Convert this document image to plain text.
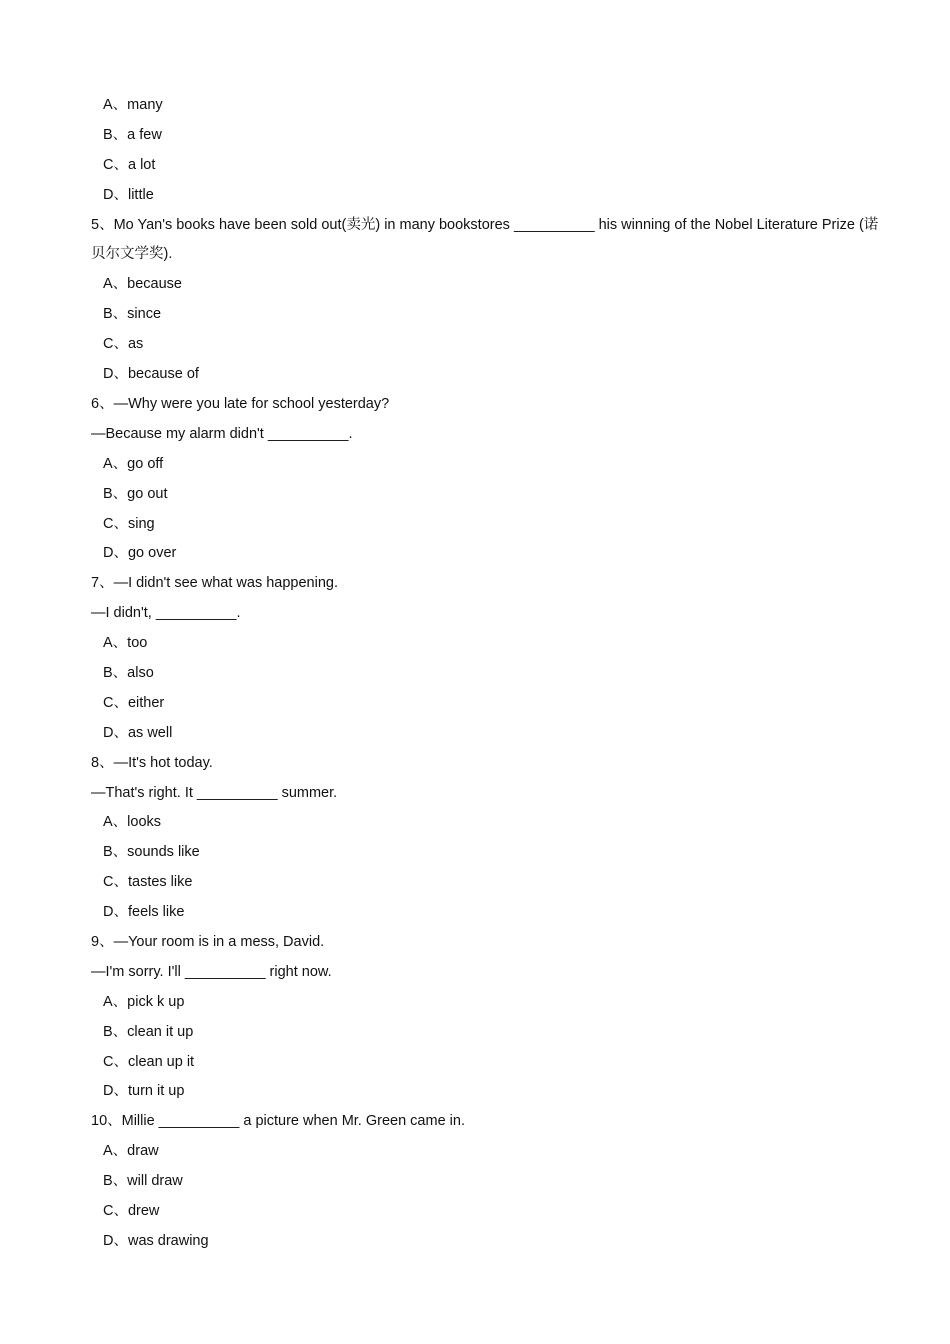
A、many
B、a few
C、a lot
D、little
5、Mo Yan's books have been sold out(卖光) in many bookstores __________ his winning of the Nobel Literature Prize (诺贝尔文学奖).
A、because
B、since
C、as
D、because of
6、—Why were you late for school yesterday?
—Because my alarm didn't __________.
A、go off
B、go out
C、sing
D、go over
7、—I didn't see what was happening.
—I didn't, __________.
A、too
B、also
C、either
D、as well
8、—It's hot today.
—That's right. It __________ summer.
A、looks
B、sounds like
C、tastes like
D、feels like
9、—Your room is in a mess, David.
—I'm sorry. I'll __________ right now.
A、pick k up
B、clean it up
C、clean up it
D、turn it up
10、Millie __________ a picture when Mr. Green came in.
A、draw
B、will draw
C、drew
D、was drawing
